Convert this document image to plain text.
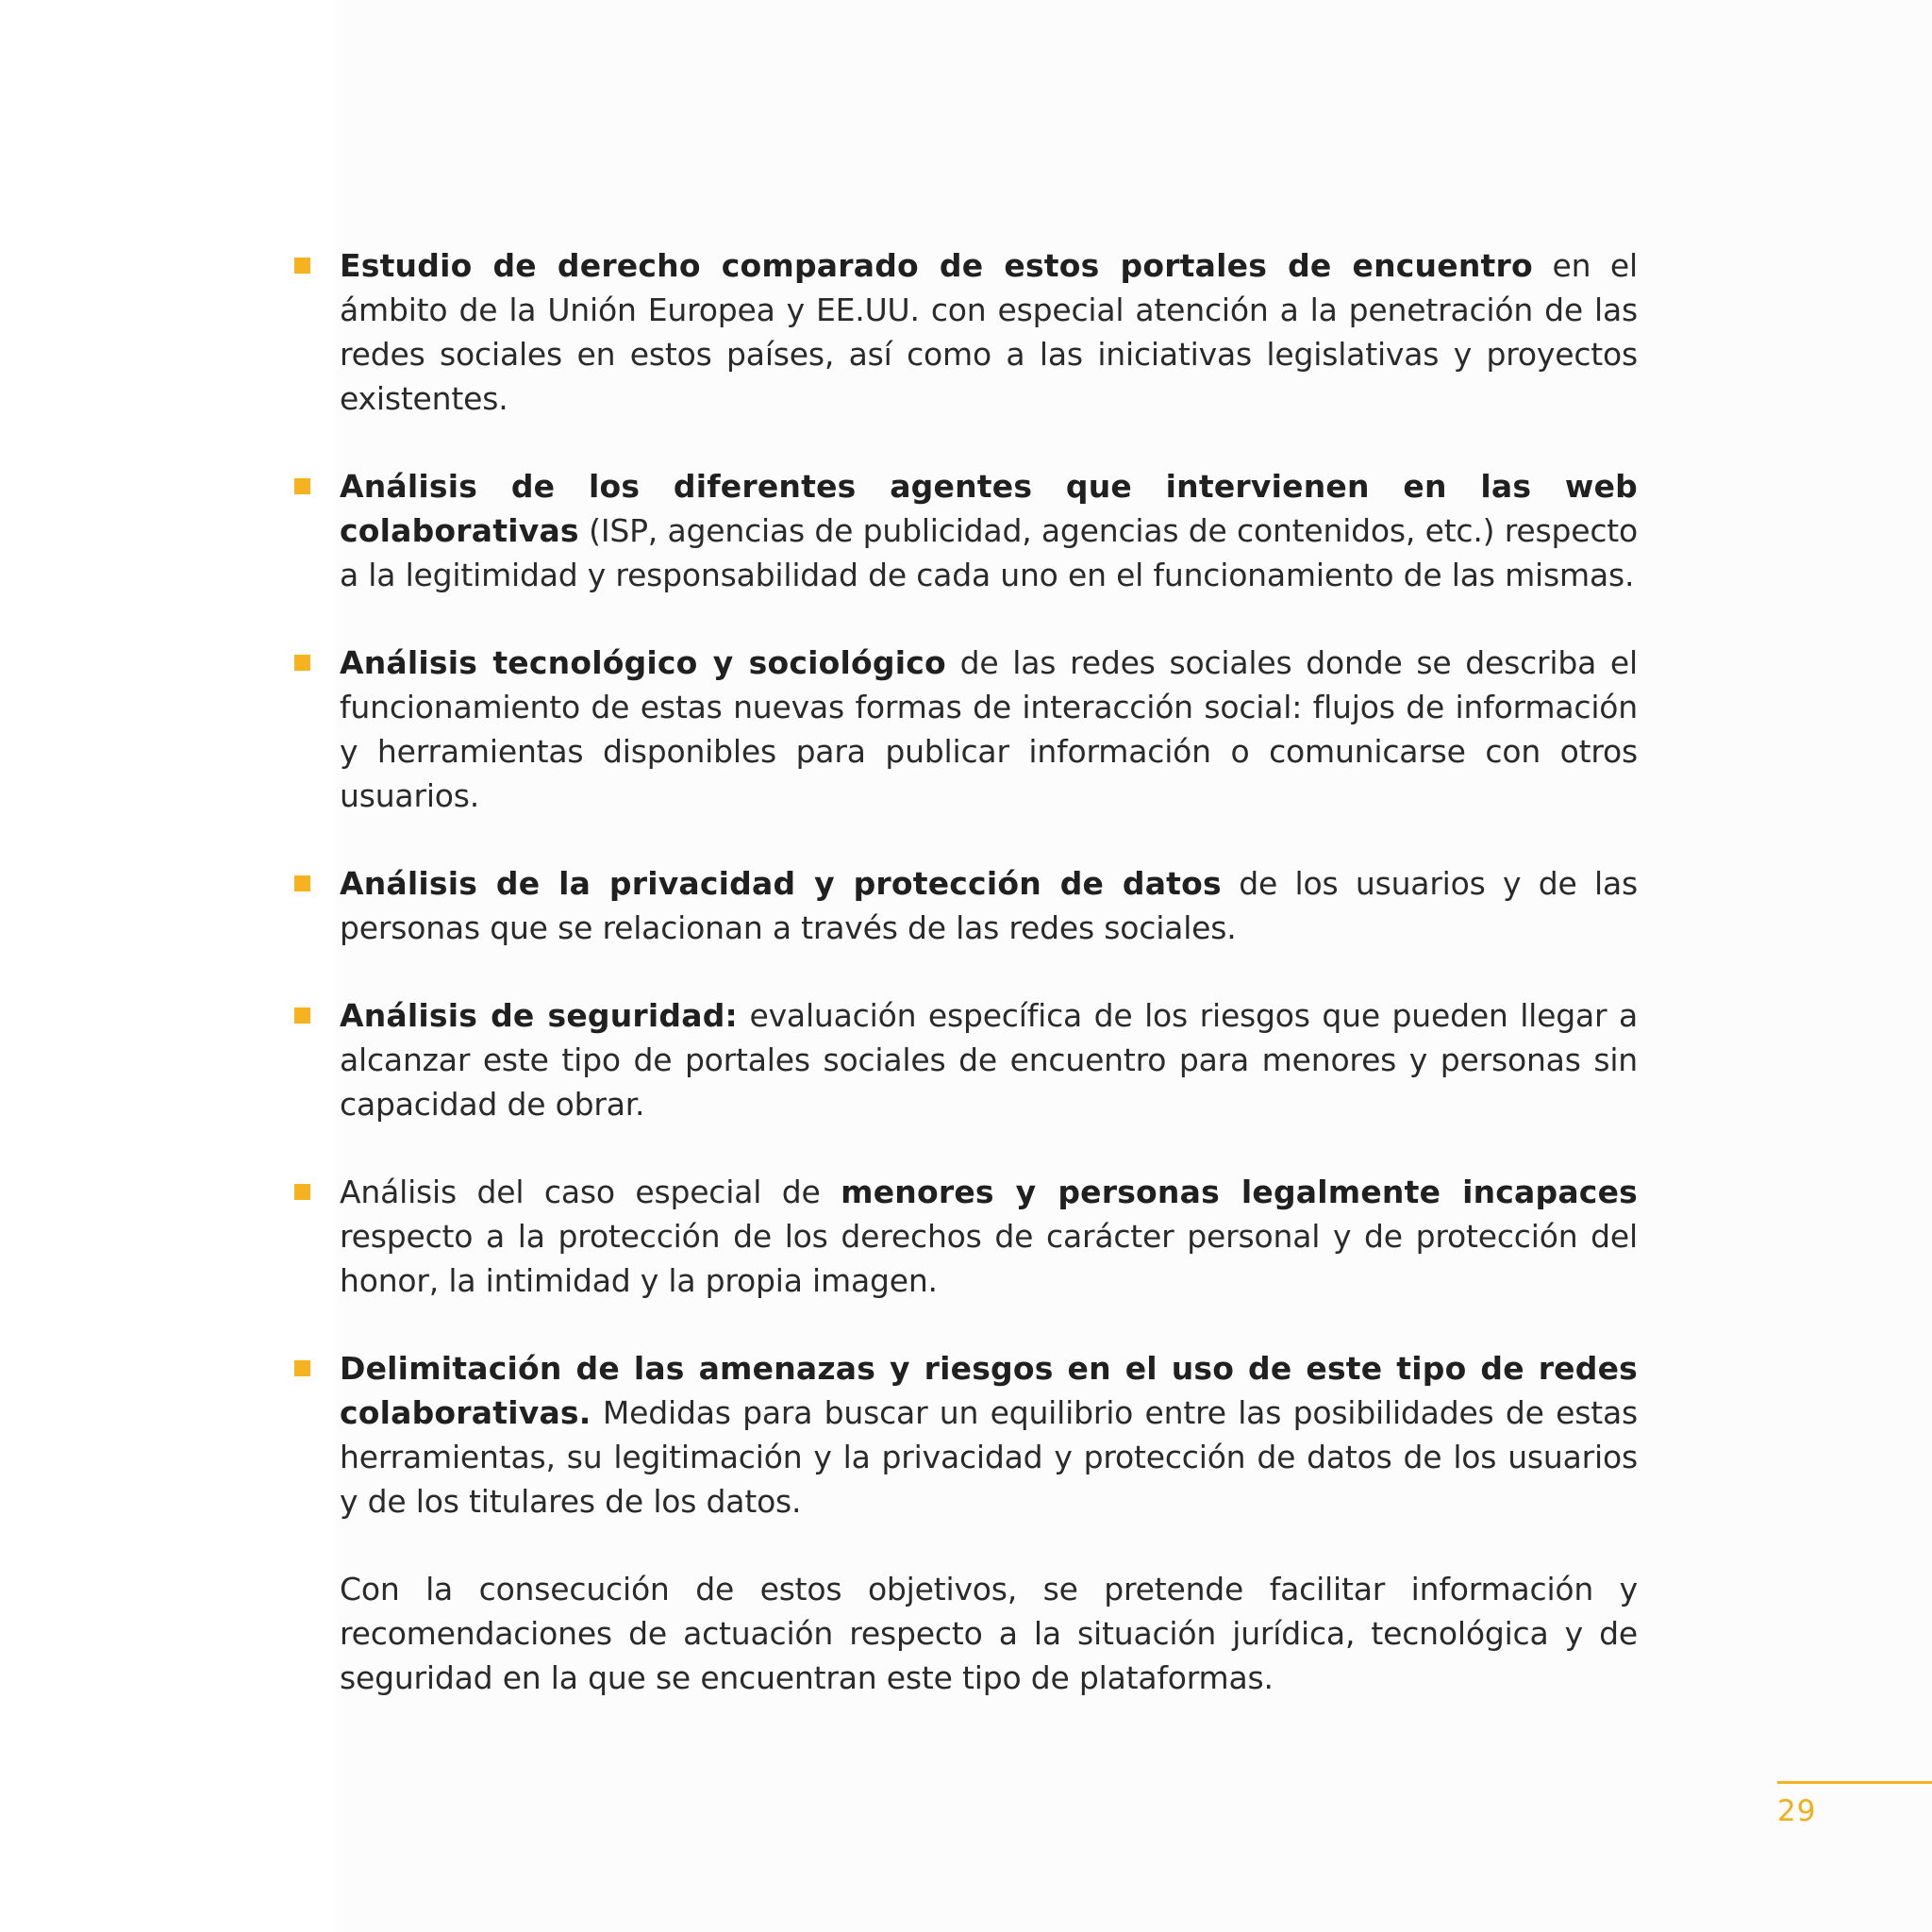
Estudio de derecho comparado de estos portales de encuentro en el ámbito de la Unión Europea y EE.UU. con especial atención a la penetración de las redes sociales en estos países, así como a las iniciativas legislativas y proyectos existentes.
Análisis de los diferentes agentes que intervienen en las web colaborativas (ISP, agencias de publicidad, agencias de contenidos, etc.) respecto a la legitimidad y responsabilidad de cada uno en el funcionamiento de las mismas.
Análisis tecnológico y sociológico de las redes sociales donde se describa el funcionamiento de estas nuevas formas de interacción social: flujos de información y herramientas disponibles para publicar información o comunicarse con otros usuarios.
Análisis de la privacidad y protección de datos de los usuarios y de las personas que se relacionan a través de las redes sociales.
Análisis de seguridad: evaluación específica de los riesgos que pueden llegar a alcanzar este tipo de portales sociales de encuentro para menores y personas sin capacidad de obrar.
Análisis del caso especial de menores y personas legalmente incapaces respecto a la protección de los derechos de carácter personal y de protección del honor, la intimidad y la propia imagen.
Delimitación de las amenazas y riesgos en el uso de este tipo de redes colaborativas. Medidas para buscar un equilibrio entre las posibilidades de estas herramientas, su legitimación y la privacidad y protección de datos de los usuarios y de los titulares de los datos.

Con la consecución de estos objetivos, se pretende facilitar información y recomendaciones de actuación respecto a la situación jurídica, tecnológica y de seguridad en la que se encuentran este tipo de plataformas.

29
